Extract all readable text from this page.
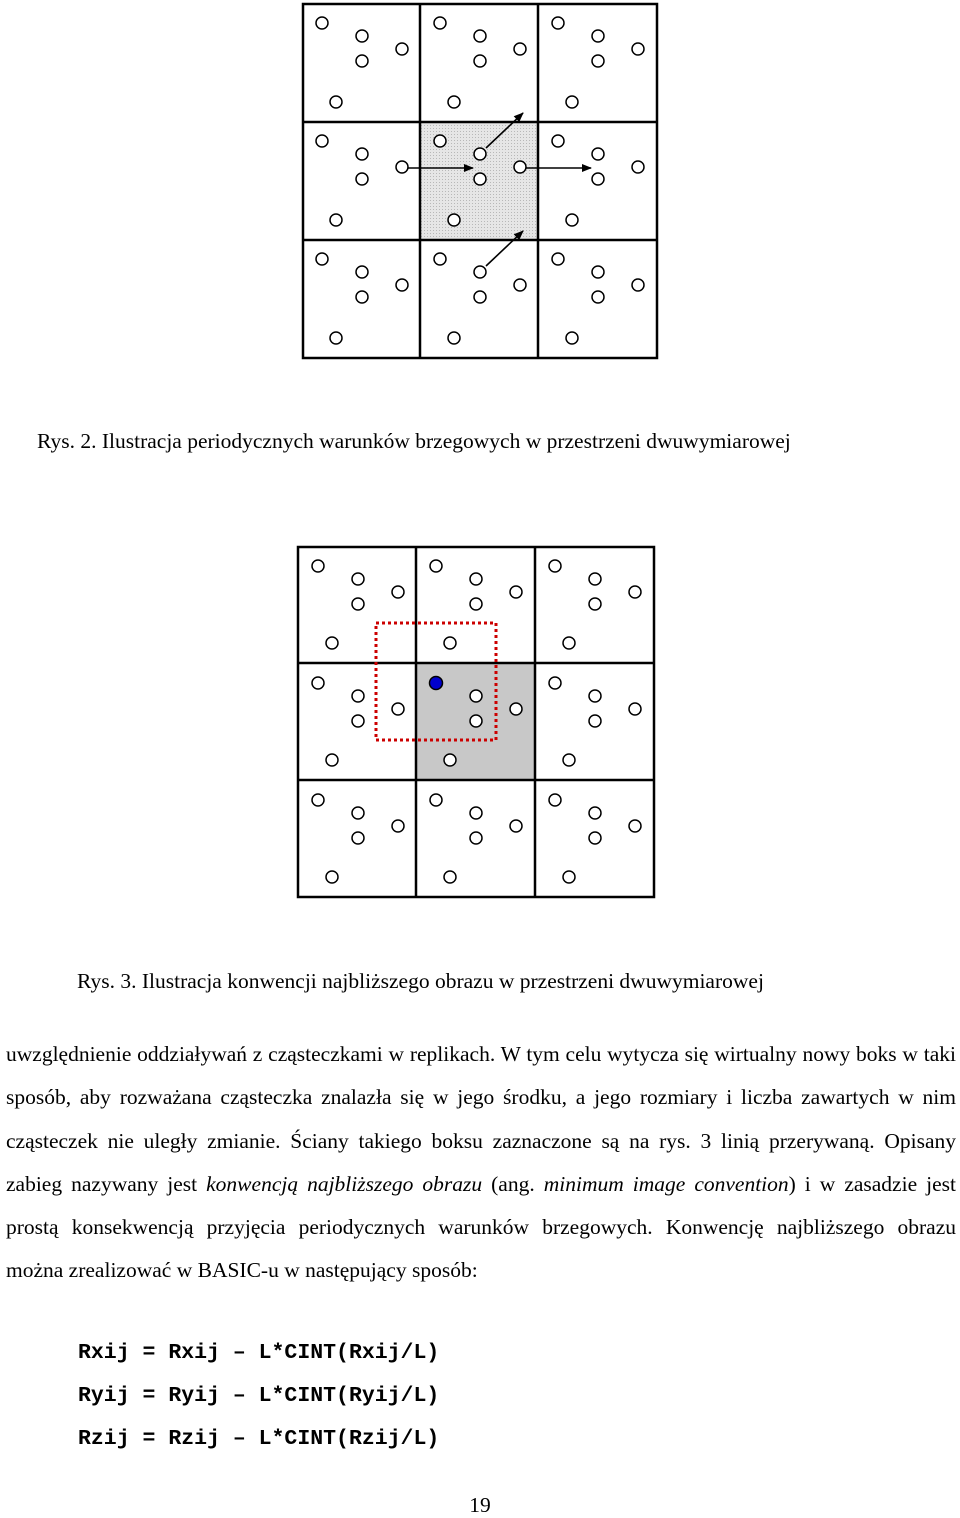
Rys. 2. Ilustracja periodycznych warunków brzegowych w przestrzeni dwuwymiarowej

Rys. 3. Ilustracja konwencji najbliższego obrazu w przestrzeni dwuwymiarowej

uwzględnienie oddziaływań z cząsteczkami w replikach. W tym celu wytycza się wirtualny nowy boks w taki sposób, aby rozważana cząsteczka znalazła się w jego środku, a jego rozmiary i liczba zawartych w nim cząsteczek nie uległy zmianie. Ściany takiego boksu zaznaczone są na rys. 3 linią przerywaną. Opisany zabieg nazywany jest konwencją najbliższego obrazu (ang. minimum image convention) i w zasadzie jest prostą konsekwencją przyjęcia periodycznych warunków brzegowych. Konwencję najbliższego obrazu można zrealizować w BASIC-u w następujący sposób:

Rxij = Rxij – L*CINT(Rxij/L)
Ryij = Ryij – L*CINT(Ryij/L)
Rzij = Rzij – L*CINT(Rzij/L)

19
